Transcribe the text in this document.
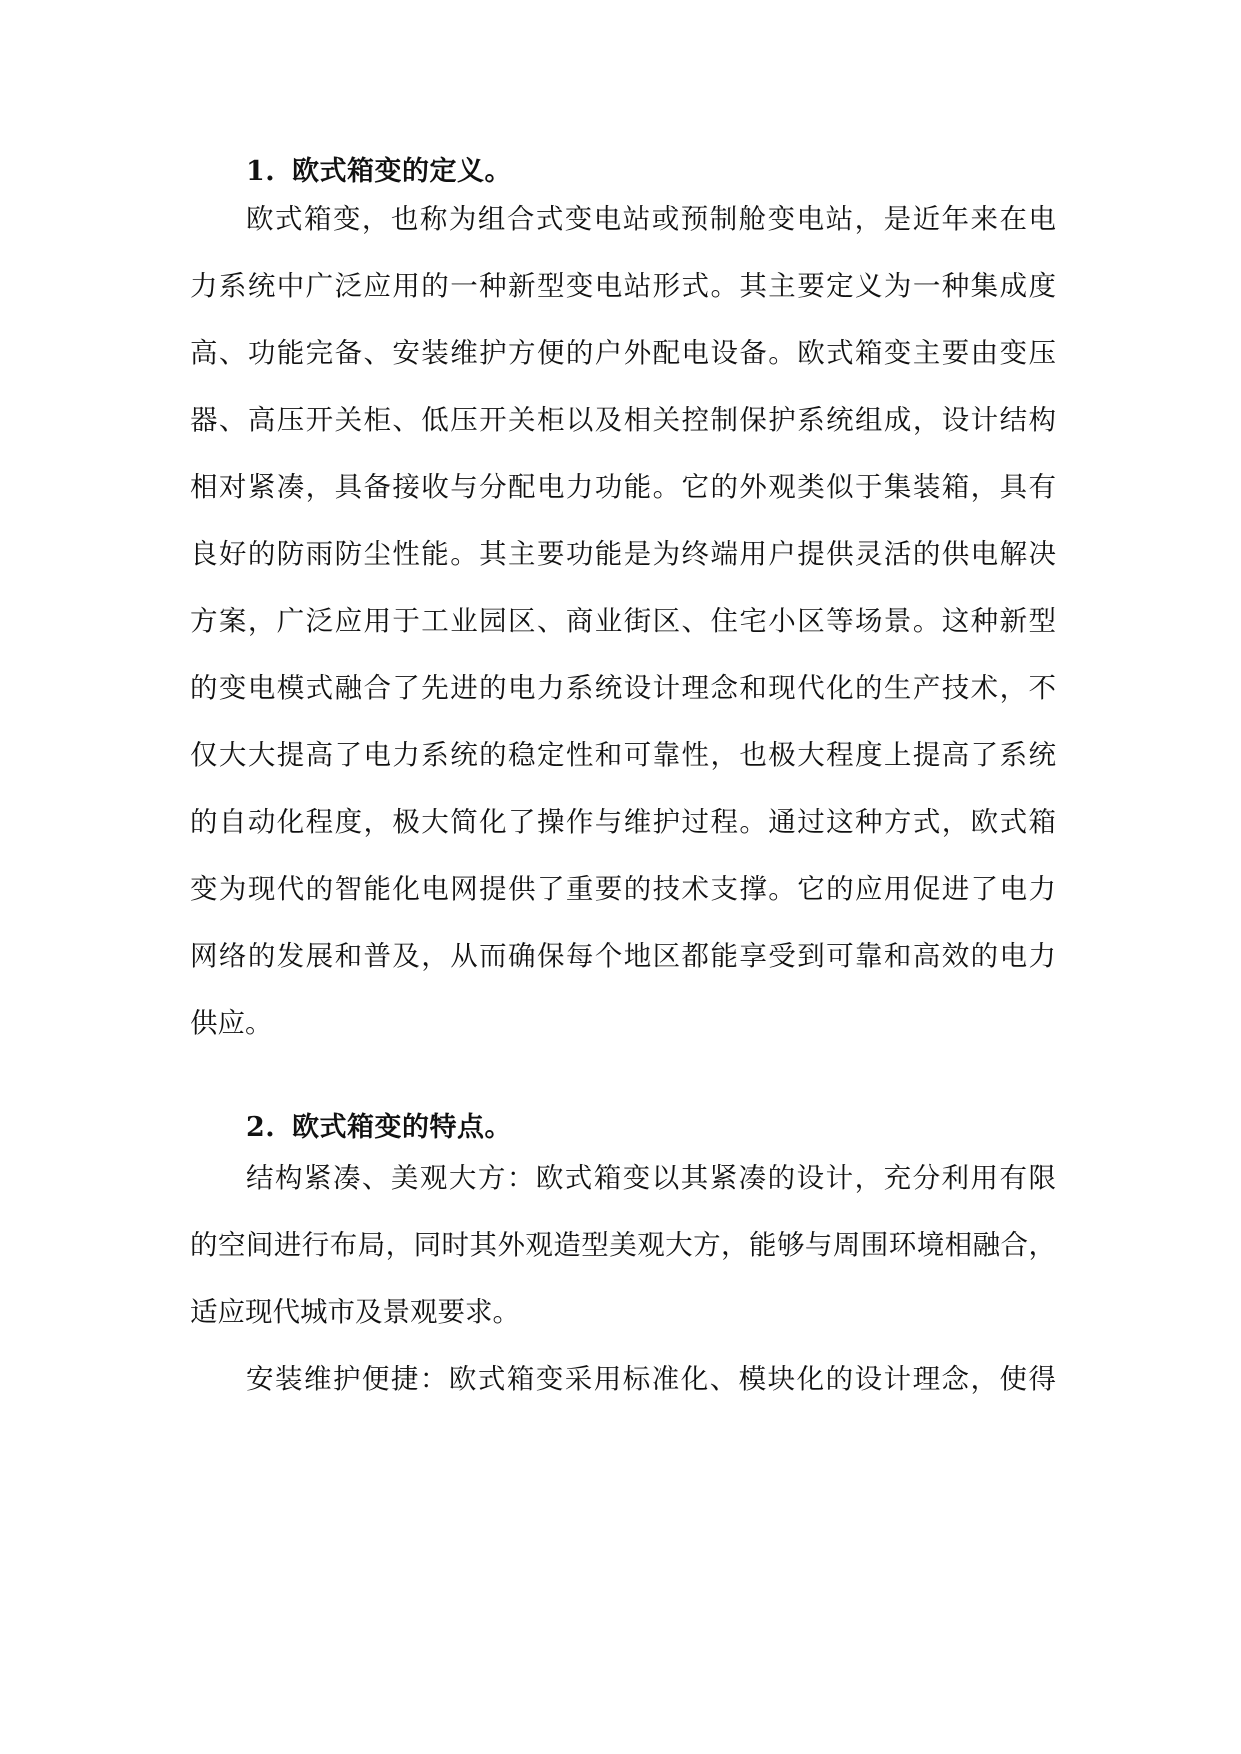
1. 欧式箱变的定义。
欧式箱变，也称为组合式变电站或预制舱变电站，是近年来在电
力系统中广泛应用的一种新型变电站形式。其主要定义为一种集成度
高、功能完备、安装维护方便的户外配电设备。欧式箱变主要由变压
器、高压开关柜、低压开关柜以及相关控制保护系统组成，设计结构
相对紧凑，具备接收与分配电力功能。它的外观类似于集装箱，具有
良好的防雨防尘性能。其主要功能是为终端用户提供灵活的供电解决
方案，广泛应用于工业园区、商业街区、住宅小区等场景。这种新型
的变电模式融合了先进的电力系统设计理念和现代化的生产技术，不
仅大大提高了电力系统的稳定性和可靠性，也极大程度上提高了系统
的自动化程度，极大简化了操作与维护过程。通过这种方式，欧式箱
变为现代的智能化电网提供了重要的技术支撑。它的应用促进了电力
网络的发展和普及，从而确保每个地区都能享受到可靠和高效的电力
供应。
2. 欧式箱变的特点。
结构紧凑、美观大方：欧式箱变以其紧凑的设计，充分利用有限
的空间进行布局，同时其外观造型美观大方，能够与周围环境相融合，
适应现代城市及景观要求。
安装维护便捷：欧式箱变采用标准化、模块化的设计理念，使得
